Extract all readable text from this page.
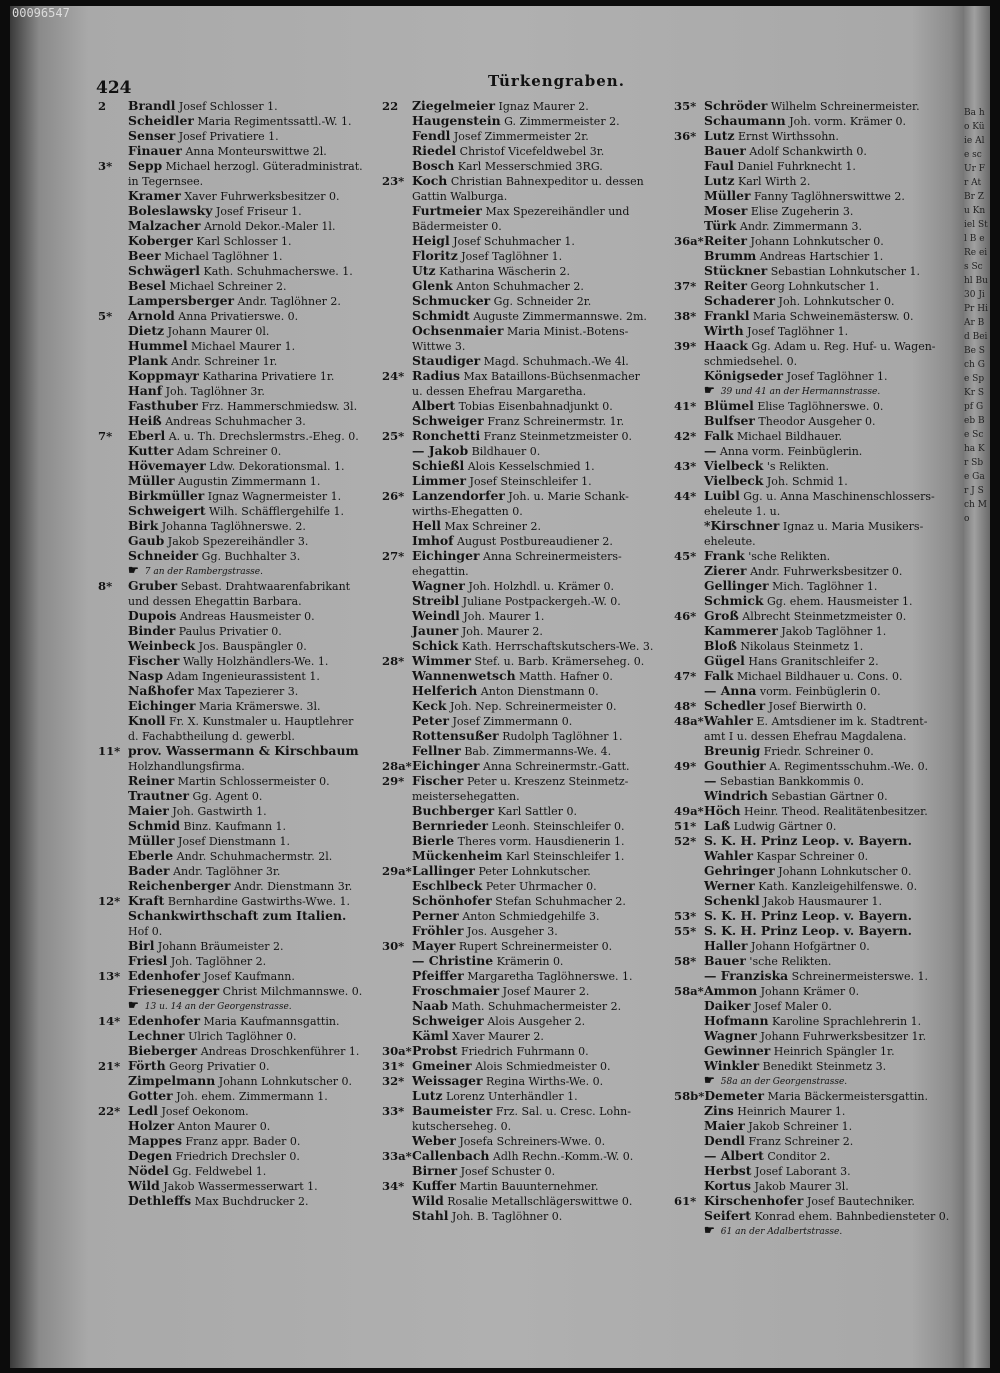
00096547
424	Türkengraben.
2 Brandl Josef Schlosser 1.
Scheidler Maria Regimentssattl.-W. 1.
Senser Josef Privatiere 1.
Finauer Anna Monteurswittwe 2l.
3* Sepp Michael herzogl. Güteradministrat.
in Tegernsee.
Kramer Xaver Fuhrwerksbesitzer 0.
Boleslawsky Josef Friseur 1.
Malzacher Arnold Dekor.-Maler 1l.
Koberger Karl Schlosser 1.
Beer Michael Taglöhner 1.
Schwägerl Kath. Schuhmacherswe. 1.
Besel Michael Schreiner 2.
Lampersberger Andr. Taglöhner 2.
5* Arnold Anna Privatierswe. 0.
Dietz Johann Maurer 0l.
Hummel Michael Maurer 1.
Plank Andr. Schreiner 1r.
Koppmayr Katharina Privatiere 1r.
Hanf Joh. Taglöhner 3r.
Fasthuber Frz. Hammerschmiedsw. 3l.
Heiß Andreas Schuhmacher 3.
7* Eberl A. u. Th. Drechslermstrs.-Eheg. 0.
Kutter Adam Schreiner 0.
Hövemayer Ldw. Dekorationsmal. 1.
Müller Augustin Zimmermann 1.
Birkmüller Ignaz Wagnermeister 1.
Schweigert Wilh. Schäfflergehilfe 1.
Birk Johanna Taglöhnerswe. 2.
Gaub Jakob Spezereihändler 3.
Schneider Gg. Buchhalter 3.
☛ 7 an der Rambergstrasse.
8* Gruber Sebast. Drahtwaarenfabrikant
und dessen Ehegattin Barbara.
Dupois Andreas Hausmeister 0.
Binder Paulus Privatier 0.
Weinbeck Jos. Bauspängler 0.
Fischer Wally Holzhändlers-We. 1.
Nasp Adam Ingenieurassistent 1.
Naßhofer Max Tapezierer 3.
Eichinger Maria Krämerswe. 3l.
Knoll Fr. X. Kunstmaler u. Hauptlehrer
d. Fachabtheilung d. gewerbl.
11* prov. Wassermann & Kirschbaum
Holzhandlungsfirma.
Reiner Martin Schlossermeister 0.
Trautner Gg. Agent 0.
Maier Joh. Gastwirth 1.
Schmid Binz. Kaufmann 1.
Müller Josef Dienstmann 1.
Eberle Andr. Schuhmachermstr. 2l.
Bader Andr. Taglöhner 3r.
Reichenberger Andr. Dienstmann 3r.
12* Kraft Bernhardine Gastwirths-Wwe. 1.
Schankwirthschaft zum Italien.
Hof 0.
Birl Johann Bräumeister 2.
Friesl Joh. Taglöhner 2.
13* Edenhofer Josef Kaufmann.
Friesenegger Christ Milchmannswe. 0.
☛ 13 u. 14 an der Georgenstrasse.
14* Edenhofer Maria Kaufmannsgattin.
Lechner Ulrich Taglöhner 0.
Bieberger Andreas Droschkenführer 1.
21* Förth Georg Privatier 0.
Zimpelmann Johann Lohnkutscher 0.
Gotter Joh. ehem. Zimmermann 1.
22* Ledl Josef Oekonom.
Holzer Anton Maurer 0.
Mappes Franz appr. Bader 0.
Degen Friedrich Drechsler 0.
Nödel Gg. Feldwebel 1.
Wild Jakob Wassermesserwart 1.
Dethleffs Max Buchdrucker 2.
22 Ziegelmeier Ignaz Maurer 2.
Haugenstein G. Zimmermeister 2.
Fendl Josef Zimmermeister 2r.
Riedel Christof Vicefeldwebel 3r.
Bosch Karl Messerschmied 3RG.
23* Koch Christian Bahnexpeditor u. dessen
Gattin Walburga.
Furtmeier Max Spezereihändler und
Bädermeister 0.
Heigl Josef Schuhmacher 1.
Floritz Josef Taglöhner 1.
Utz Katharina Wäscherin 2.
Glenk Anton Schuhmacher 2.
Schmucker Gg. Schneider 2r.
Schmidt Auguste Zimmermannswe. 2m.
Ochsenmaier Maria Minist.-Botens-
Wittwe 3.
Staudiger Magd. Schuhmach.-We 4l.
24* Radius Max Bataillons-Büchsenmacher
u. dessen Ehefrau Margaretha.
Albert Tobias Eisenbahnadjunkt 0.
Schweiger Franz Schreinermstr. 1r.
25* Ronchetti Franz Steinmetzmeister 0.
— Jakob Bildhauer 0.
Schießl Alois Kesselschmied 1.
Limmer Josef Steinschleifer 1.
26* Lanzendorfer Joh. u. Marie Schank-
wirths-Ehegatten 0.
Hell Max Schreiner 2.
Imhof August Postbureaudiener 2.
27* Eichinger Anna Schreinermeisters-
ehegattin.
Wagner Joh. Holzhdl. u. Krämer 0.
Streibl Juliane Postpackergeh.-W. 0.
Weindl Joh. Maurer 1.
Jauner Joh. Maurer 2.
Schick Kath. Herrschaftskutschers-We. 3.
28* Wimmer Stef. u. Barb. Krämerseheg. 0.
Wannenwetsch Matth. Hafner 0.
Helferich Anton Dienstmann 0.
Keck Joh. Nep. Schreinermeister 0.
Peter Josef Zimmermann 0.
Rottensußer Rudolph Taglöhner 1.
Fellner Bab. Zimmermanns-We. 4.
28a*Eichinger Anna Schreinermstr.-Gatt.
29* Fischer Peter u. Kreszenz Steinmetz-
meistersehegatten.
Buchberger Karl Sattler 0.
Bernrieder Leonh. Steinschleifer 0.
Bierle Theres vorm. Hausdienerin 1.
Mückenheim Karl Steinschleifer 1.
29a*Lallinger Peter Lohnkutscher.
Eschlbeck Peter Uhrmacher 0.
Schönhofer Stefan Schuhmacher 2.
Perner Anton Schmiedgehilfe 3.
Fröhler Jos. Ausgeher 3.
30* Mayer Rupert Schreinermeister 0.
— Christine Krämerin 0.
Pfeiffer Margaretha Taglöhnerswe. 1.
Froschmaier Josef Maurer 2.
Naab Math. Schuhmachermeister 2.
Schweiger Alois Ausgeher 2.
Käml Xaver Maurer 2.
30a*Probst Friedrich Fuhrmann 0.
31* Gmeiner Alois Schmiedmeister 0.
32* Weissager Regina Wirths-We. 0.
Lutz Lorenz Unterhändler 1.
33* Baumeister Frz. Sal. u. Cresc. Lohn-
kutscherseheg. 0.
Weber Josefa Schreiners-Wwe. 0.
33a*Callenbach Adlh Rechn.-Komm.-W. 0.
Birner Josef Schuster 0.
34* Kuffer Martin Bauunternehmer.
Wild Rosalie Metallschlägerswittwe 0.
Stahl Joh. B. Taglöhner 0.
35* Schröder Wilhelm Schreinermeister.
Schaumann Joh. vorm. Krämer 0.
36* Lutz Ernst Wirthssohn.
Bauer Adolf Schankwirth 0.
Faul Daniel Fuhrknecht 1.
Lutz Karl Wirth 2.
Müller Fanny Taglöhnerswittwe 2.
Moser Elise Zugeherin 3.
Türk Andr. Zimmermann 3.
36a*Reiter Johann Lohnkutscher 0.
Brumm Andreas Hartschier 1.
Stückner Sebastian Lohnkutscher 1.
37* Reiter Georg Lohnkutscher 1.
Schaderer Joh. Lohnkutscher 0.
38* Frankl Maria Schweinemästersw. 0.
Wirth Josef Taglöhner 1.
39* Haack Gg. Adam u. Reg. Huf- u. Wagen-
schmiedsehel. 0.
Königseder Josef Taglöhner 1.
☛ 39 und 41 an der Hermannstrasse.
41* Blümel Elise Taglöhnerswe. 0.
Bulfser Theodor Ausgeher 0.
42* Falk Michael Bildhauer.
— Anna vorm. Feinbüglerin.
43* Vielbeck 's Relikten.
Vielbeck Joh. Schmid 1.
44* Luibl Gg. u. Anna Maschinenschlossers-
eheleute 1. u.
*Kirschner Ignaz u. Maria Musikers-
eheleute.
45* Frank 'sche Relikten.
Zierer Andr. Fuhrwerksbesitzer 0.
Gellinger Mich. Taglöhner 1.
Schmick Gg. ehem. Hausmeister 1.
46* Groß Albrecht Steinmetzmeister 0.
Kammerer Jakob Taglöhner 1.
Bloß Nikolaus Steinmetz 1.
Gügel Hans Granitschleifer 2.
47* Falk Michael Bildhauer u. Cons. 0.
— Anna vorm. Feinbüglerin 0.
48* Schedler Josef Bierwirth 0.
48a*Wahler E. Amtsdiener im k. Stadtrent-
amt I u. dessen Ehefrau Magdalena.
Breunig Friedr. Schreiner 0.
49* Gouthier A. Regimentsschuhm.-We. 0.
— Sebastian Bankkommis 0.
Windrich Sebastian Gärtner 0.
49a*Höch Heinr. Theod. Realitätenbesitzer.
51* Laß Ludwig Gärtner 0.
52* S. K. H. Prinz Leop. v. Bayern.
Wahler Kaspar Schreiner 0.
Gehringer Johann Lohnkutscher 0.
Werner Kath. Kanzleigehilfenswe. 0.
Schenkl Jakob Hausmaurer 1.
53* S. K. H. Prinz Leop. v. Bayern.
55* S. K. H. Prinz Leop. v. Bayern.
Haller Johann Hofgärtner 0.
58* Bauer 'sche Relikten.
— Franziska Schreinermeisterswe. 1.
58a*Ammon Johann Krämer 0.
Daiker Josef Maler 0.
Hofmann Karoline Sprachlehrerin 1.
Wagner Johann Fuhrwerksbesitzer 1r.
Gewinner Heinrich Spängler 1r.
Winkler Benedikt Steinmetz 3.
☛ 58a an der Georgenstrasse.
58b*Demeter Maria Bäckermeistersgattin.
Zins Heinrich Maurer 1.
Maier Jakob Schreiner 1.
Dendl Franz Schreiner 2.
— Albert Conditor 2.
Herbst Josef Laborant 3.
Kortus Jakob Maurer 3l.
61* Kirschenhofer Josef Bautechniker.
Seifert Konrad ehem. Bahnbediensteter 0.
☛ 61 an der Adalbertstrasse.
Ba ho Kü ie Ale sc Ur Fr At Br Zu Kn iel Stl B e Re eis Schl Bu 30 Ji Pr Hi Ar Bd Bei Be Sch Ge Sp Kr Spf Geb Be Scha Kr Sbe Gar J Sch Mo
